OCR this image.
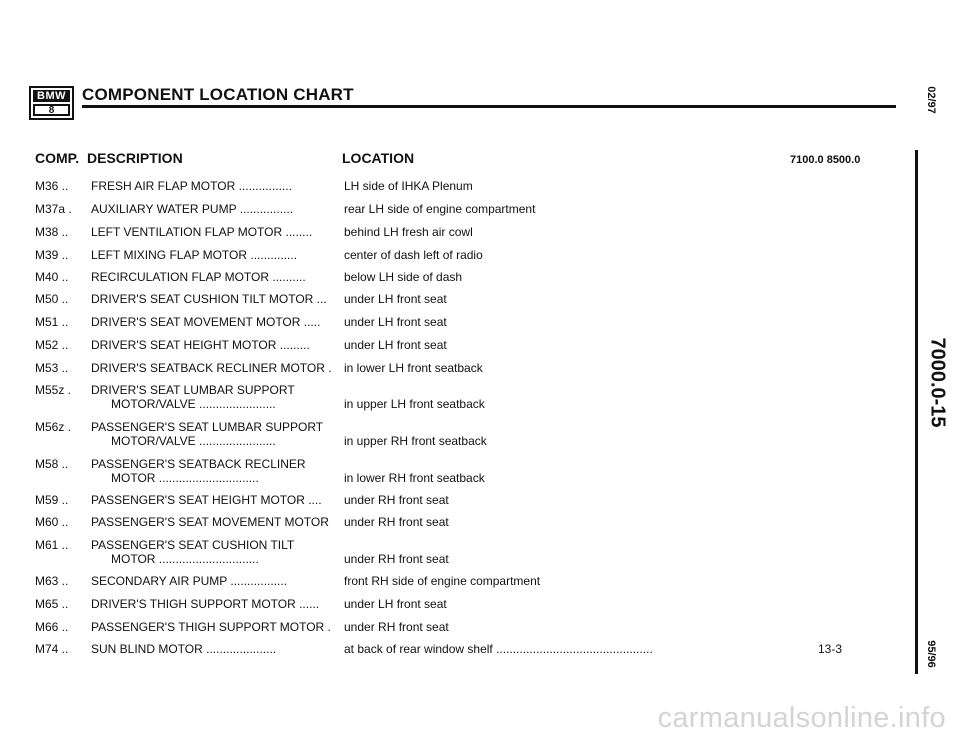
BMW
8
COMPONENT LOCATION CHART
COMP. DESCRIPTION	LOCATION	7100.0 8500.0
M36 .. FRESH AIR FLAP MOTOR ................	LH side of IHKA Plenum
M37a . AUXILIARY WATER PUMP ................	rear LH side of engine compartment
M38 .. LEFT VENTILATION FLAP MOTOR ........	behind LH fresh air cowl
M39 .. LEFT MIXING FLAP MOTOR ..............	center of dash left of radio
M40 .. RECIRCULATION FLAP MOTOR ..........	below LH side of dash
M50 .. DRIVER'S SEAT CUSHION TILT MOTOR ... under LH front seat
M51 .. DRIVER'S SEAT MOVEMENT MOTOR ..... under LH front seat
M52 .. DRIVER'S SEAT HEIGHT MOTOR .........	under LH front seat
M53 .. DRIVER'S SEATBACK RECLINER MOTOR . in lower LH front seatback
M55z . DRIVER'S SEAT LUMBAR SUPPORT
MOTOR/VALVE .......................	in upper LH front seatback
M56z . PASSENGER'S SEAT LUMBAR SUPPORT
MOTOR/VALVE .......................	in upper RH front seatback
M58 .. PASSENGER'S SEATBACK RECLINER
MOTOR ..............................	in lower RH front seatback
M59 .. PASSENGER'S SEAT HEIGHT MOTOR .... under RH front seat
M60 .. PASSENGER'S SEAT MOVEMENT MOTOR under RH front seat
M61 .. PASSENGER'S SEAT CUSHION TILT
MOTOR ..............................	under RH front seat
M63 .. SECONDARY AIR PUMP .................	front RH side of engine compartment
M65 .. DRIVER'S THIGH SUPPORT MOTOR ...... under LH front seat
M66 .. PASSENGER'S THIGH SUPPORT MOTOR . under RH front seat
M74 .. SUN BLIND MOTOR .....................	at back of rear window shelf ...............................................	13-3
02/97
7000.0-15
95/96
carmanualsonline.info
